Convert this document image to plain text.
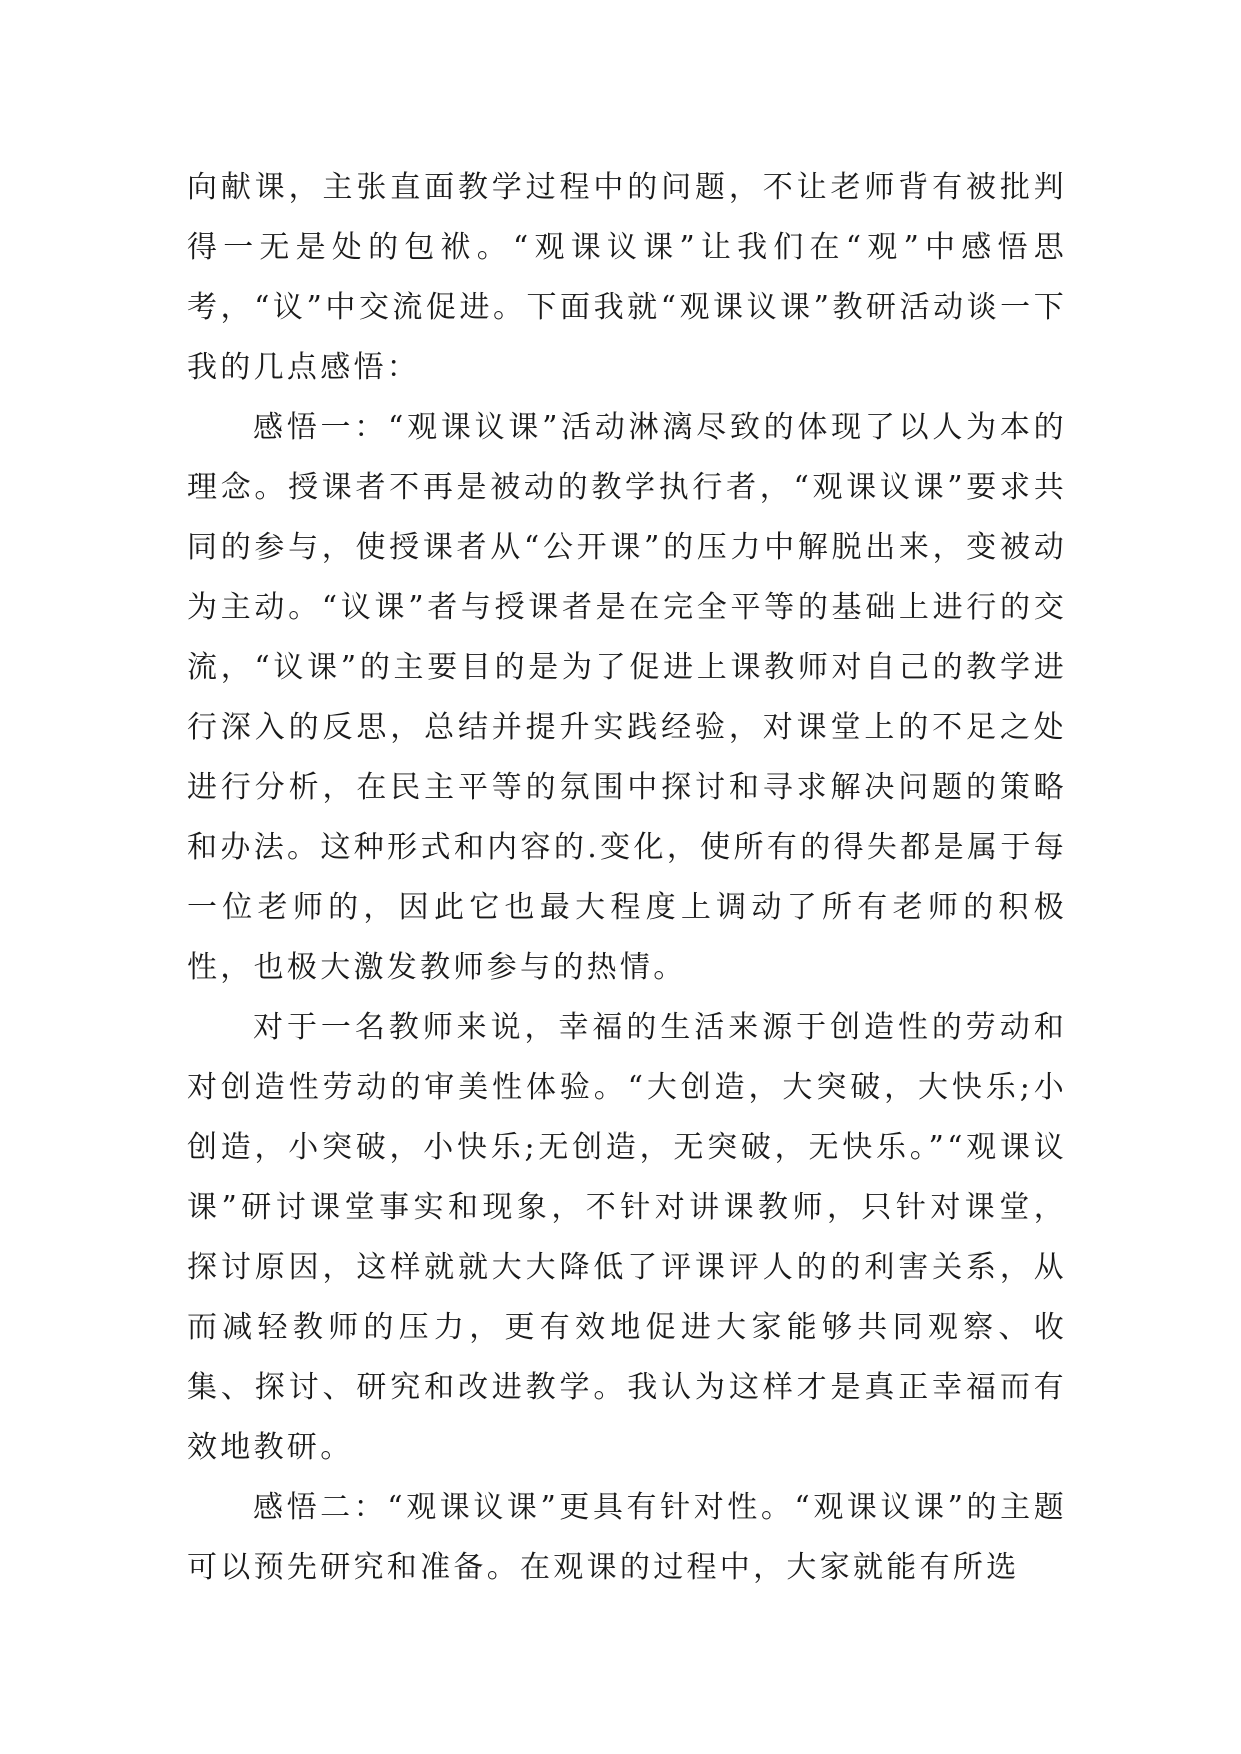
向献课，主张直面教学过程中的问题，不让老师背有被批判得一无是处的包袱。“观课议课”让我们在“观”中感悟思考，“议”中交流促进。下面我就“观课议课”教研活动谈一下我的几点感悟：

感悟一：“观课议课”活动淋漓尽致的体现了以人为本的理念。授课者不再是被动的教学执行者，“观课议课”要求共同的参与，使授课者从“公开课”的压力中解脱出来，变被动为主动。“议课”者与授课者是在完全平等的基础上进行的交流，“议课”的主要目的是为了促进上课教师对自己的教学进行深入的反思，总结并提升实践经验，对课堂上的不足之处进行分析，在民主平等的氛围中探讨和寻求解决问题的策略和办法。这种形式和内容的.变化，使所有的得失都是属于每一位老师的，因此它也最大程度上调动了所有老师的积极性，也极大激发教师参与的热情。

对于一名教师来说，幸福的生活来源于创造性的劳动和对创造性劳动的审美性体验。“大创造，大突破，大快乐;小创造，小突破，小快乐;无创造，无突破，无快乐。”“观课议课”研讨课堂事实和现象，不针对讲课教师，只针对课堂，探讨原因，这样就就大大降低了评课评人的的利害关系，从而减轻教师的压力，更有效地促进大家能够共同观察、收集、探讨、研究和改进教学。我认为这样才是真正幸福而有效地教研。

感悟二：“观课议课”更具有针对性。“观课议课”的主题可以预先研究和准备。在观课的过程中，大家就能有所选
